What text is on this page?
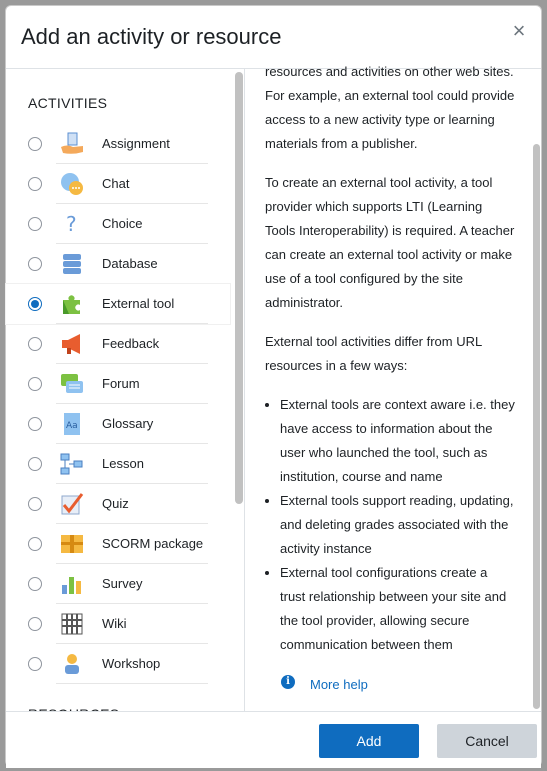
Add an activity or resource	×
ACTIVITIES
Assignment
Chat
? Choice
Database
External tool
Feedback
Forum
Aa Glossary
Lesson
Quiz
SCORM package
Survey
Wiki
Workshop

resources and activities on other web sites. For example, an external tool could provide access to a new activity type or learning materials from a publisher.

To create an external tool activity, a tool provider which supports LTI (Learning Tools Interoperability) is required. A teacher can create an external tool activity or make use of a tool configured by the site administrator.

External tool activities differ from URL resources in a few ways:

• External tools are context aware i.e. they have access to information about the user who launched the tool, such as institution, course and name
• External tools support reading, updating, and deleting grades associated with the activity instance
• External tool configurations create a trust relationship between your site and the tool provider, allowing secure communication between them
i	More help
Add	Cancel
